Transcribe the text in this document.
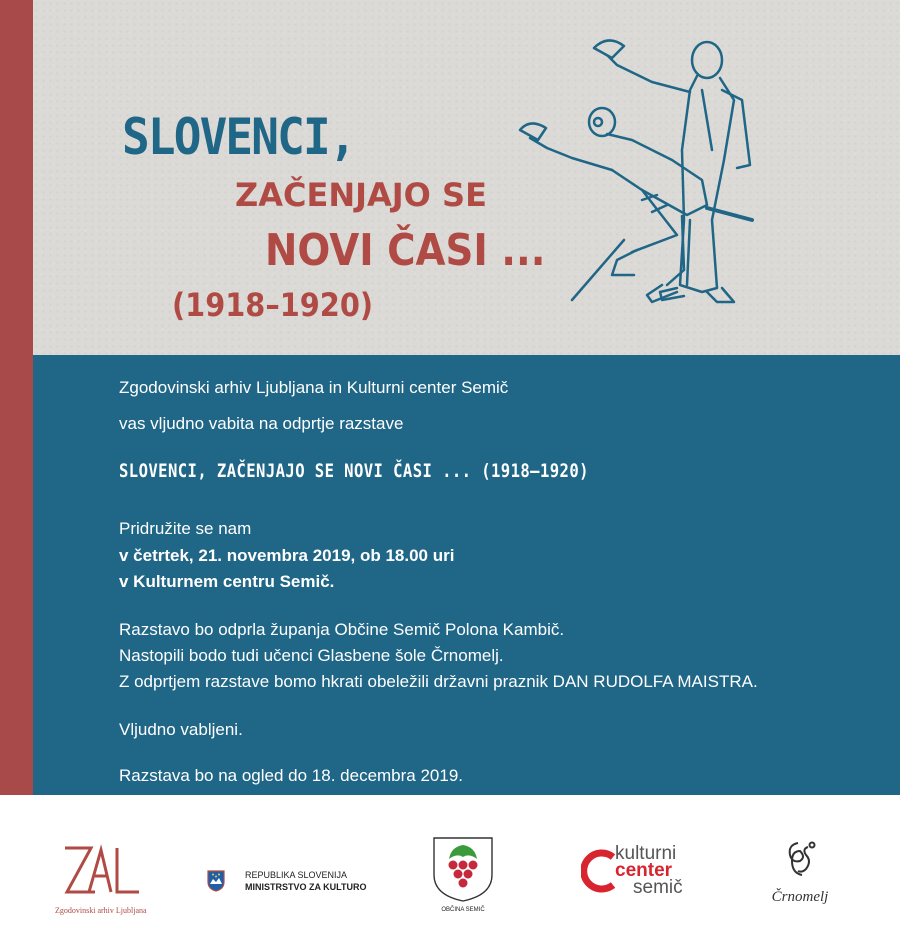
SLOVENCI,
ZAČENJAJO SE
NOVI ČASI ...
(1918–1920)
Zgodovinski arhiv Ljubljana in Kulturni center Semič
vas vljudno vabita na odprtje razstave
SLOVENCI, ZAČENJAJO SE NOVI ČASI ... (1918–1920)
Pridružite se nam
v četrtek, 21. novembra 2019, ob 18.00 uri
v Kulturnem centru Semič.
Razstavo bo odprla županja Občine Semič Polona Kambič.
Nastopili bodo tudi učenci Glasbene šole Črnomelj.
Z odprtjem razstave bomo hkrati obeležili državni praznik DAN RUDOLFA MAISTRA.
Vljudno vabljeni.
Razstava bo na ogled do 18. decembra 2019.
Zgodovinski arhiv Ljubljana
REPUBLIKA SLOVENIJA
MINISTRSTVO ZA KULTURO
OBČINA SEMIČ
kulturni
center
semič	Črnomelj
